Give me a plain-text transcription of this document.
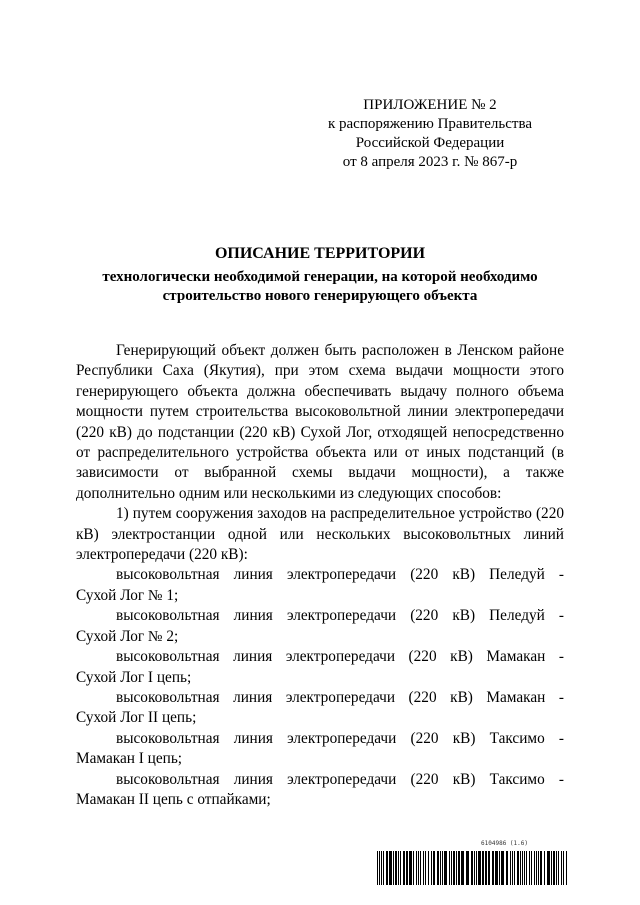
ПРИЛОЖЕНИЕ № 2
к распоряжению Правительства
Российской Федерации
от 8 апреля 2023 г. № 867-р
ОПИСАНИЕ ТЕРРИТОРИИ
технологически необходимой генерации, на которой необходимо строительство нового генерирующего объекта

Генерирующий объект должен быть расположен в Ленском районе Республики Саха (Якутия), при этом схема выдачи мощности этого генерирующего объекта должна обеспечивать выдачу полного объема мощности путем строительства высоковольтной линии электропередачи (220 кВ) до подстанции (220 кВ) Сухой Лог, отходящей непосредственно от распределительного устройства объекта или от иных подстанций (в зависимости от выбранной схемы выдачи мощности), а также дополнительно одним или несколькими из следующих способов:

1) путем сооружения заходов на распределительное устройство (220 кВ) электростанции одной или нескольких высоковольтных линий электропередачи (220 кВ):

высоковольтная линия электропередачи (220 кВ) Пеледуй -

Сухой Лог № 1;

высоковольтная линия электропередачи (220 кВ) Пеледуй -

Сухой Лог № 2;

высоковольтная линия электропередачи (220 кВ) Мамакан -

Сухой Лог I цепь;

высоковольтная линия электропередачи (220 кВ) Мамакан -

Сухой Лог II цепь;

высоковольтная линия электропередачи (220 кВ) Таксимо -

Мамакан I цепь;

высоковольтная линия электропередачи (220 кВ) Таксимо -

Мамакан II цепь с отпайками;

6104986 (1.6)
